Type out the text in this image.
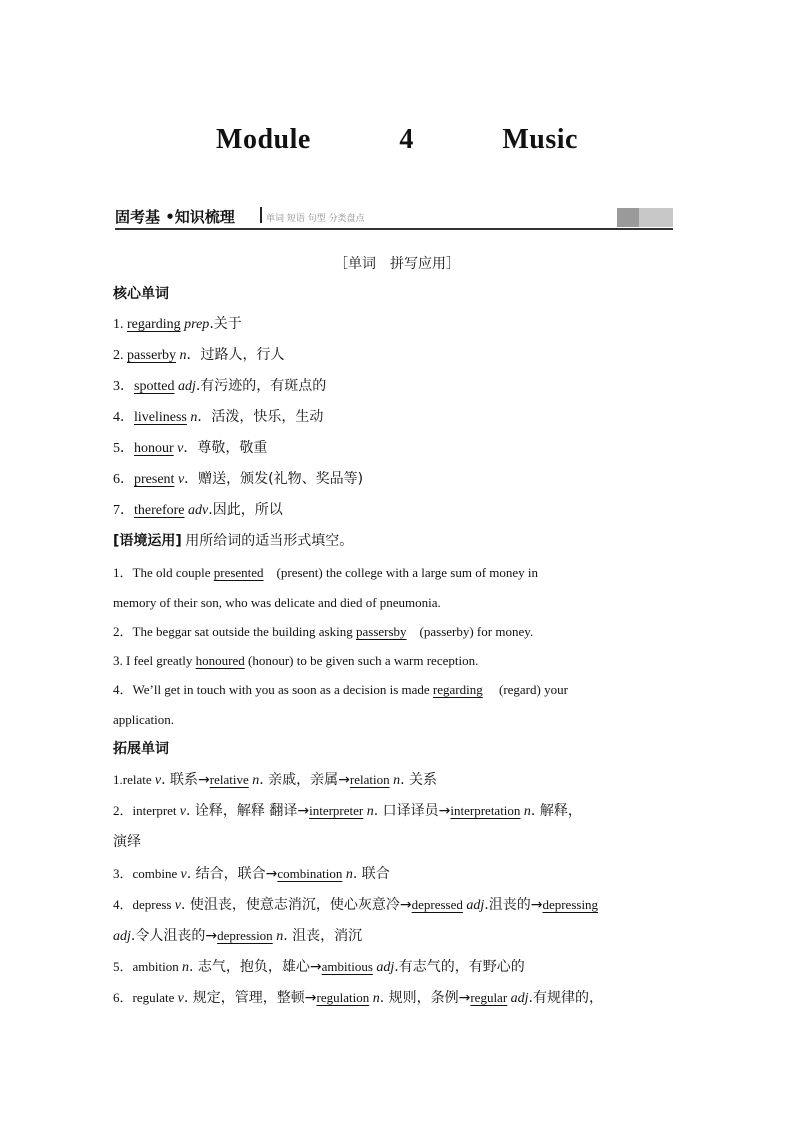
Module   4   Music
固考基 •知识梳理	单词 短语 句型 分类盘点
［单词　拼写应用］
核心单词
1. regarding prep.关于
2. passerby n．过路人，行人
3．spotted adj.有污迹的，有斑点的
4．liveliness n．活泼，快乐，生动
5．honour v．尊敬，敬重
6．present v．赠送，颁发(礼物、奖品等)
7．therefore adv.因此，所以
[语境运用] 用所给词的适当形式填空。
1．The old couple presented (present) the college with a large sum of money in
memory of their son, who was delicate and died of pneumonia.
2．The beggar sat outside the building asking passersby (passerby) for money.
3. I feel greatly honoured (honour) to be given such a warm reception.
4．We’ll get in touch with you as soon as a decision is made regarding (regard) your
application.
拓展单词
1.relate v. 联系→relative n. 亲戚，亲属→relation n. 关系
2．interpret v. 诠释，解释 翻译→interpreter n. 口译译员→interpretation n. 解释，
演绎
3．combine v. 结合，联合→combination n. 联合
4．depress v. 使沮丧，使意志消沉，使心灰意冷→depressed adj.沮丧的→depressing
adj.令人沮丧的→depression n. 沮丧，消沉
5．ambition n. 志气，抱负，雄心→ambitious adj.有志气的，有野心的
6．regulate v. 规定，管理，整顿→regulation n. 规则，条例→regular adj.有规律的，
